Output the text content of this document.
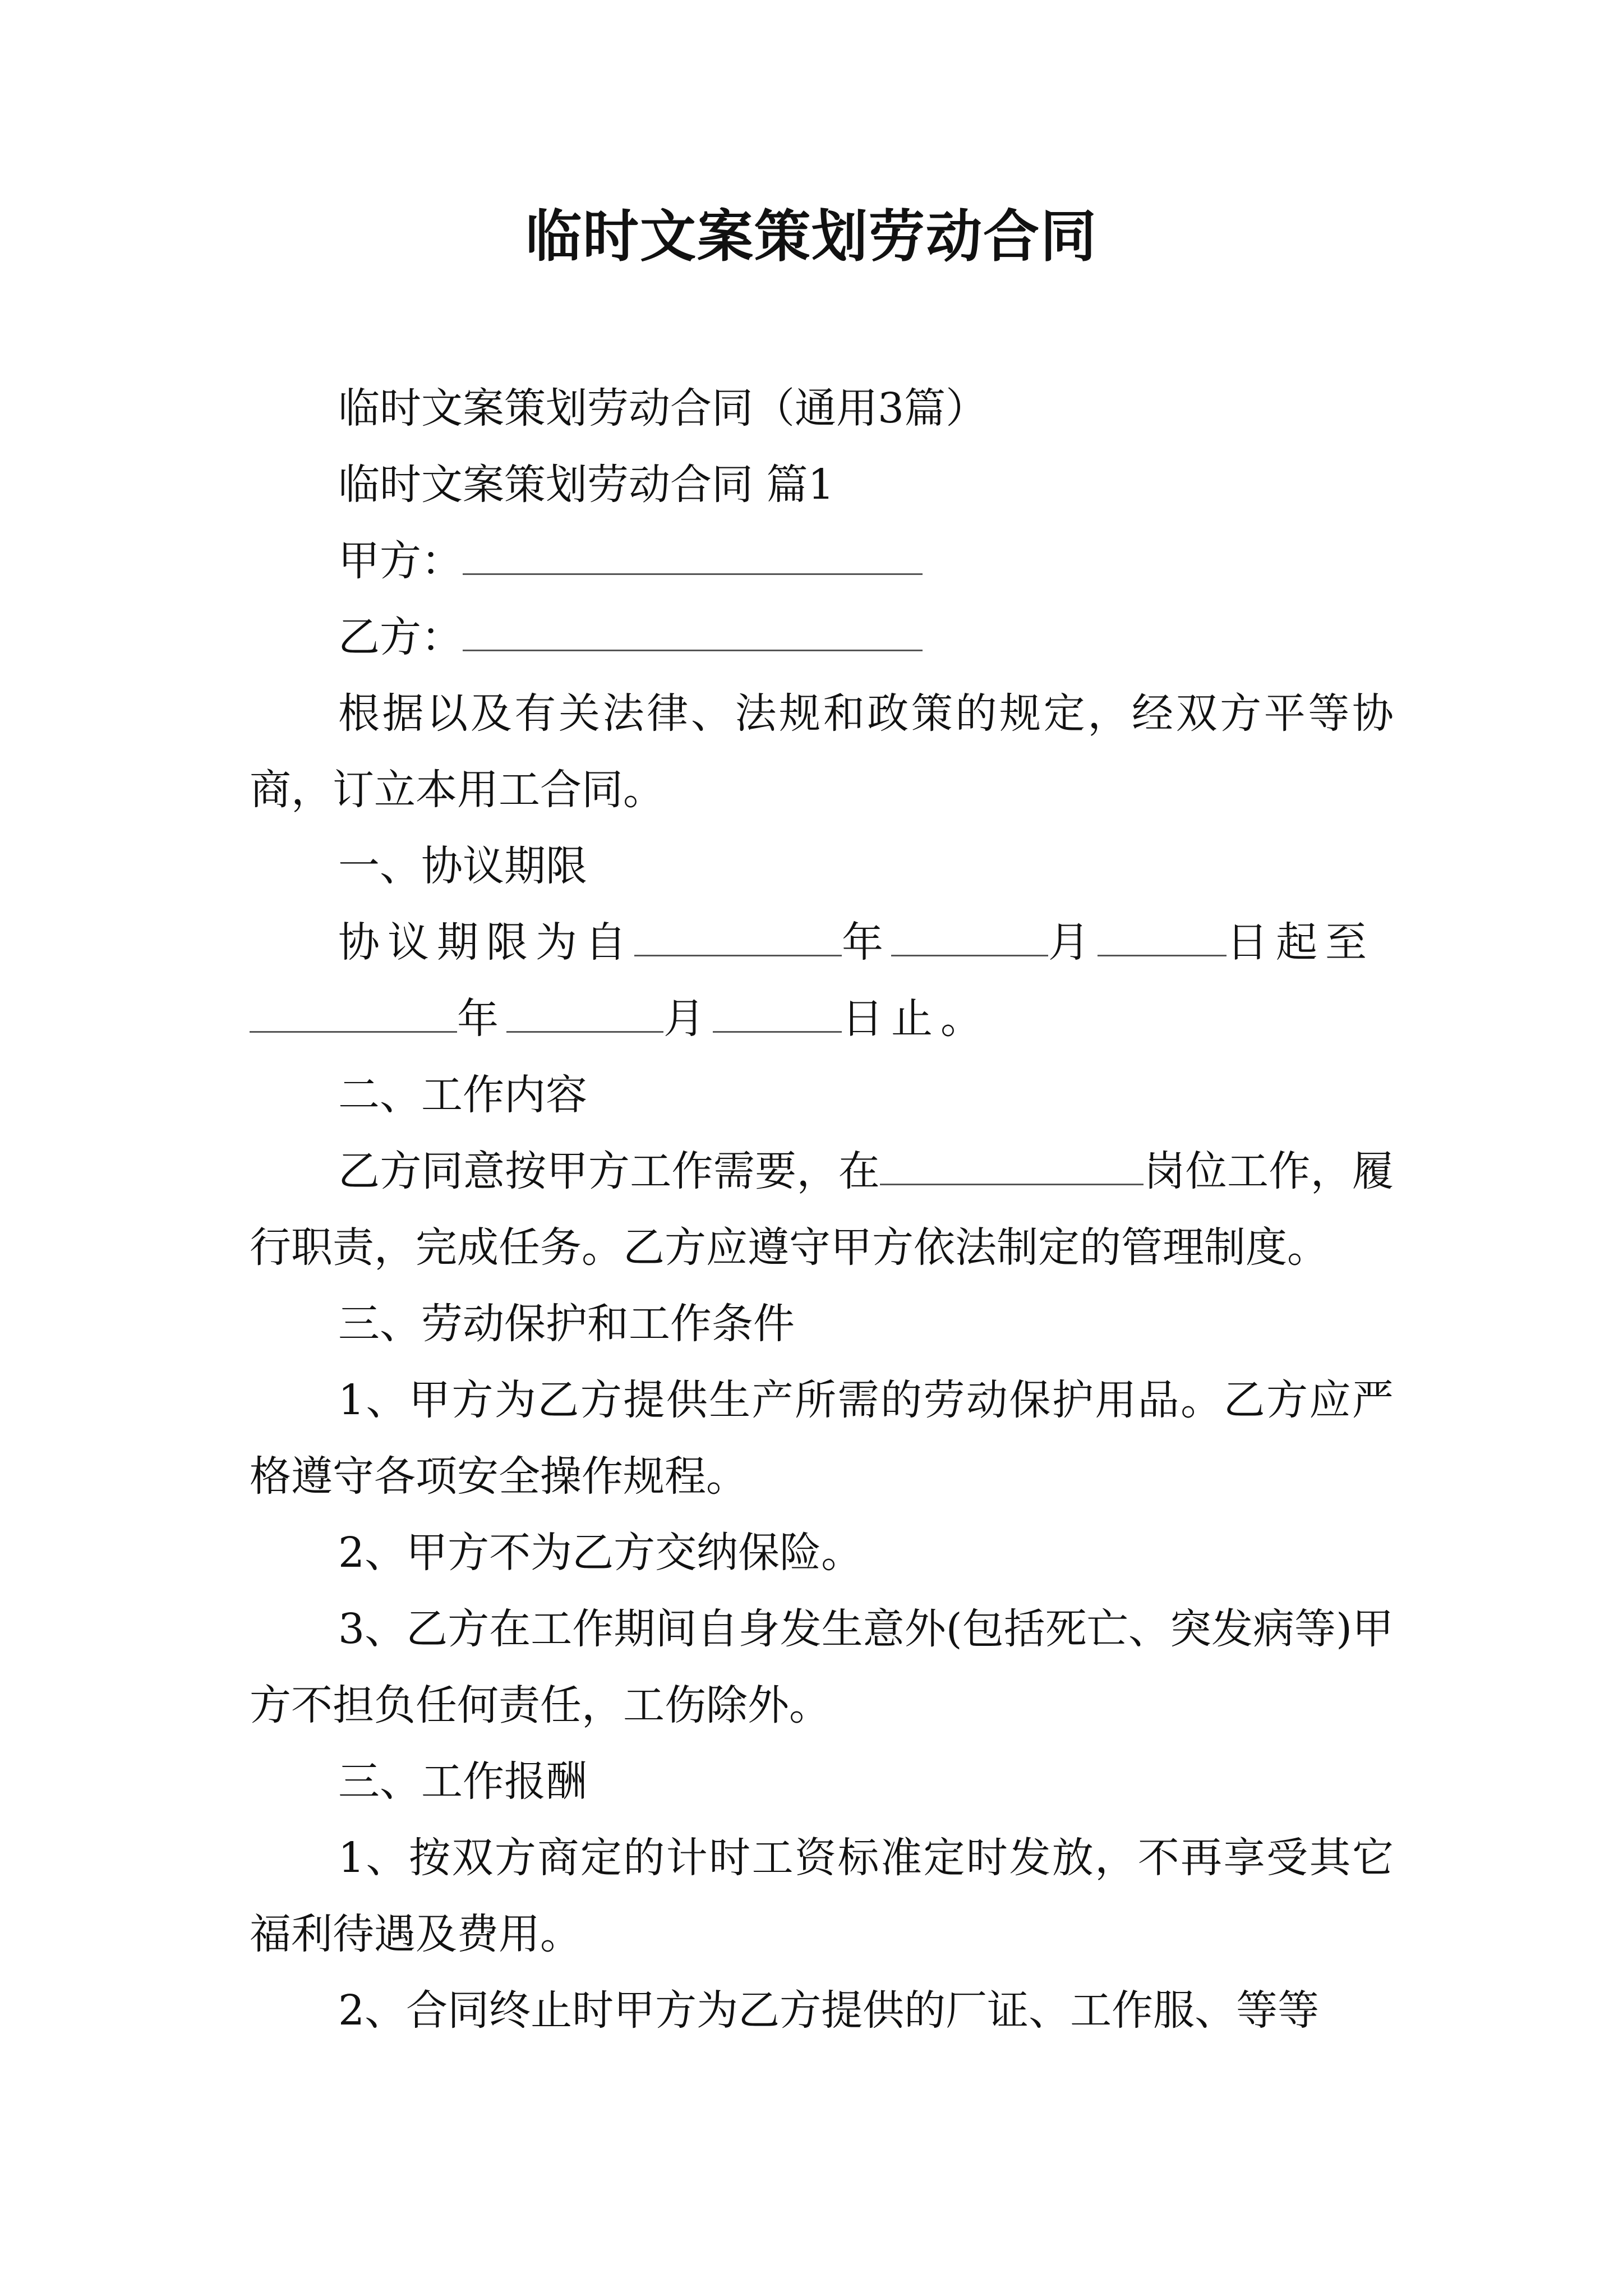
临时文案策划劳动合同

临时文案策划劳动合同（通用3篇）

临时文案策划劳动合同 篇1

甲方：

乙方：

根据以及有关法律、法规和政策的规定，经双方平等协商，订立本用工合同。

一、协议期限

协议期限为自	年	月	日起至年	月	日止。

二、工作内容

乙方同意按甲方工作需要，在	岗位工作，履行职责，完成任务。乙方应遵守甲方依法制定的管理制度。

三、劳动保护和工作条件

1、甲方为乙方提供生产所需的劳动保护用品。乙方应严格遵守各项安全操作规程。

2、甲方不为乙方交纳保险。

3、乙方在工作期间自身发生意外(包括死亡、突发病等)甲方不担负任何责任，工伤除外。

三、工作报酬

1、按双方商定的计时工资标准定时发放，不再享受其它福利待遇及费用。

2、合同终止时甲方为乙方提供的厂证、工作服、等等
